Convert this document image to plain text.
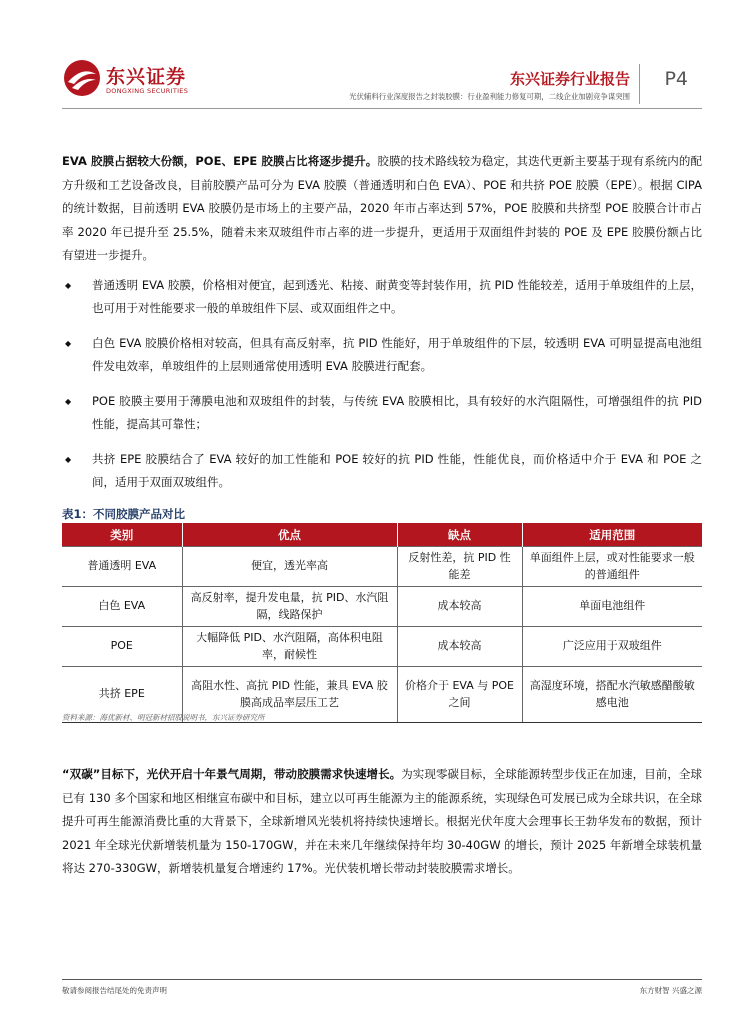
东兴证券
DONGXING SECURITIES
东兴证券行业报告
光伏辅料行业深度报告之封装胶膜：行业盈利能力修复可期，二线企业加剧竞争谋突围
P4

EVA 胶膜占据较大份额，POE、EPE 胶膜占比将逐步提升。胶膜的技术路线较为稳定，其迭代更新主要基于现有系统内的配方升级和工艺设备改良，目前胶膜产品可分为 EVA 胶膜（普通透明和白色 EVA）、POE 和共挤 POE 胶膜（EPE）。根据 CIPA 的统计数据，目前透明 EVA 胶膜仍是市场上的主要产品，2020 年市占率达到 57%，POE 胶膜和共挤型 POE 胶膜合计市占率 2020 年已提升至 25.5%，随着未来双玻组件市占率的进一步提升，更适用于双面组件封装的 POE 及 EPE 胶膜份额占比有望进一步提升。

◆ 普通透明 EVA 胶膜，价格相对便宜，起到透光、粘接、耐黄变等封装作用，抗 PID 性能较差，适用于单玻组件的上层，也可用于对性能要求一般的单玻组件下层、或双面组件之中。
◆ 白色 EVA 胶膜价格相对较高，但具有高反射率，抗 PID 性能好，用于单玻组件的下层，较透明 EVA 可明显提高电池组件发电效率，单玻组件的上层则通常使用透明 EVA 胶膜进行配套。
◆ POE 胶膜主要用于薄膜电池和双玻组件的封装，与传统 EVA 胶膜相比，具有较好的水汽阻隔性，可增强组件的抗 PID 性能，提高其可靠性；
◆ 共挤 EPE 胶膜结合了 EVA 较好的加工性能和 POE 较好的抗 PID 性能，性能优良，而价格适中介于 EVA 和 POE 之间，适用于双面双玻组件。
表1：不同胶膜产品对比
类别	优点	缺点	适用范围
普通透明 EVA	便宜，透光率高	反射性差，抗 PID 性能差	单面组件上层，或对性能要求一般的普通组件
白色 EVA	高反射率，提升发电量，抗 PID、水汽阻隔，线路保护	成本较高	单面电池组件
POE	大幅降低 PID、水汽阻隔，高体积电阻率，耐候性	成本较高	广泛应用于双玻组件
共挤 EPE	高阻水性、高抗 PID 性能，兼具 EVA 胶膜高成品率层压工艺	价格介于 EVA 与 POE 之间	高湿度环境，搭配水汽敏感醋酸敏感电池
资料来源：海优新材、明冠新材招股说明书，东兴证券研究所

“双碳”目标下，光伏开启十年景气周期，带动胶膜需求快速增长。为实现零碳目标，全球能源转型步伐正在加速，目前，全球已有 130 多个国家和地区相继宣布碳中和目标，建立以可再生能源为主的能源系统，实现绿色可发展已成为全球共识，在全球提升可再生能源消费比重的大背景下，全球新增风光装机将持续快速增长。根据光伏年度大会理事长王勃华发布的数据，预计 2021 年全球光伏新增装机量为 150-170GW，并在未来几年继续保持年均 30-40GW 的增长，预计 2025 年新增全球装机量将达 270-330GW，新增装机量复合增速约 17%。光伏装机增长带动封装胶膜需求增长。

敬请参阅报告结尾处的免责声明	东方财智 兴盛之源
